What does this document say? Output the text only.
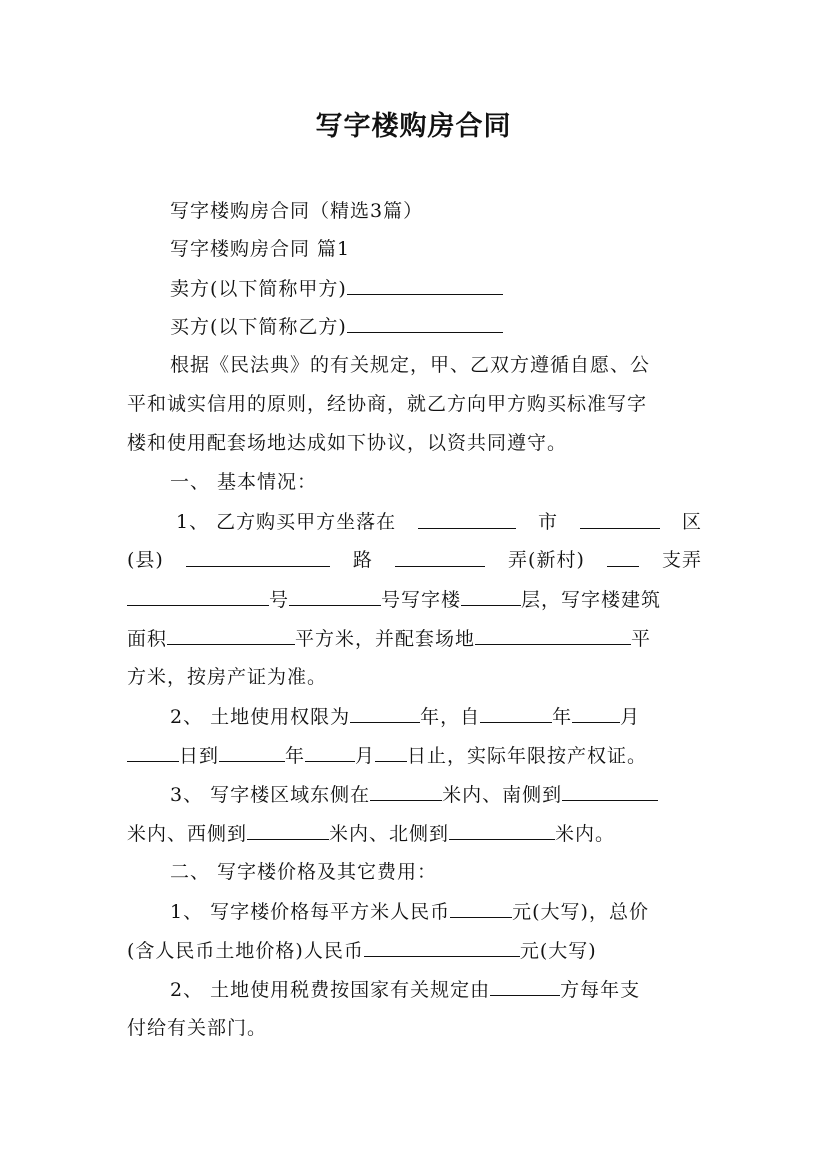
写字楼购房合同
写字楼购房合同（精选3篇）
写字楼购房合同 篇1
卖方(以下简称甲方)
买方(以下简称乙方)
根据《民法典》的有关规定，甲、乙双方遵循自愿、公
平和诚实信用的原则，经协商，就乙方向甲方购买标准写字
楼和使用配套场地达成如下协议，以资共同遵守。
一、 基本情况：
1、 乙方购买甲方坐落在	市	区
(县)	路	弄(新村)	支弄
号	号写字楼	层，写字楼建筑
面积	平方米，并配套场地	平
方米，按房产证为准。
2、 土地使用权限为	年，自	年	月
日到	年	月 日止，实际年限按产权证。
3、 写字楼区域东侧在	米内、南侧到
米内、西侧到	米内、北侧到	米内。
二、 写字楼价格及其它费用：
1、 写字楼价格每平方米人民币	元(大写)，总价
(含人民币土地价格)人民币	元(大写)
2、 土地使用税费按国家有关规定由	方每年支
付给有关部门。
